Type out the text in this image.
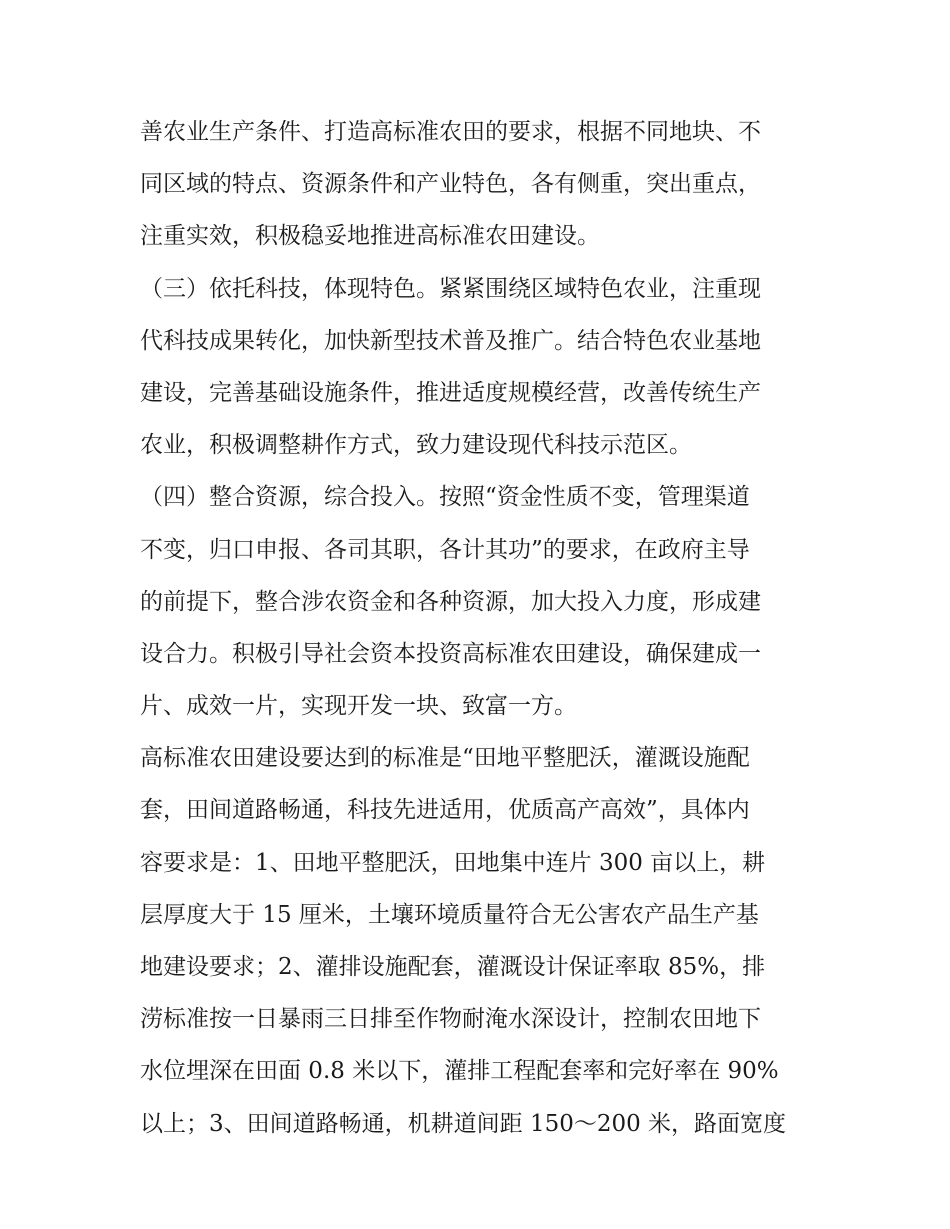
善农业生产条件、打造高标准农田的要求，根据不同地块、不
同区域的特点、资源条件和产业特色，各有侧重，突出重点，
注重实效，积极稳妥地推进高标准农田建设。
（三）依托科技，体现特色。紧紧围绕区域特色农业，注重现
代科技成果转化，加快新型技术普及推广。结合特色农业基地
建设，完善基础设施条件，推进适度规模经营，改善传统生产
农业，积极调整耕作方式，致力建设现代科技示范区。
（四）整合资源，综合投入。按照“资金性质不变，管理渠道
不变，归口申报、各司其职，各计其功”的要求，在政府主导
的前提下，整合涉农资金和各种资源，加大投入力度，形成建
设合力。积极引导社会资本投资高标准农田建设，确保建成一
片、成效一片，实现开发一块、致富一方。
高标准农田建设要达到的标准是“田地平整肥沃，灌溉设施配
套，田间道路畅通，科技先进适用，优质高产高效”，具体内
容要求是：1、田地平整肥沃，田地集中连片 300 亩以上，耕
层厚度大于 15 厘米，土壤环境质量符合无公害农产品生产基
地建设要求；2、灌排设施配套，灌溉设计保证率取 85%，排
涝标准按一日暴雨三日排至作物耐淹水深设计，控制农田地下
水位埋深在田面 0.8 米以下，灌排工程配套率和完好率在 90%
以上；3、田间道路畅通，机耕道间距 150～200 米，路面宽度
